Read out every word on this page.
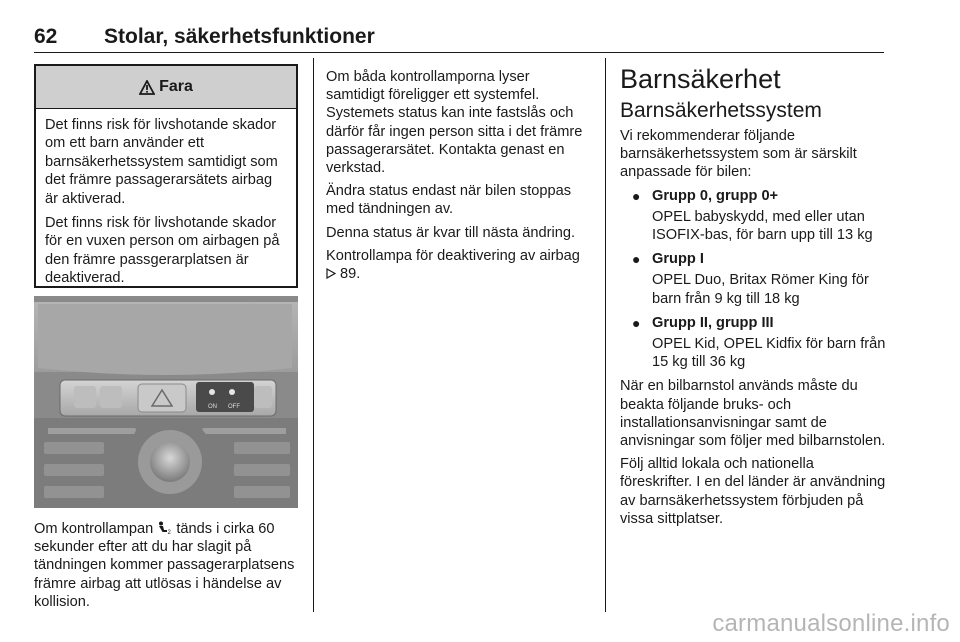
62 Stolar, säkerhetsfunktioner
Fara

Det finns risk för livshotande skador om ett barn använder ett barnsäkerhetssystem samtidigt som det främre passagerarsätets airbag är aktiverad.

Det finns risk för livshotande skador för en vuxen person om airbagen på den främre passgerarplatsen är deaktiverad.

ON OFF

Om kontrollampan 2 tänds i cirka 60 sekunder efter att du har slagit på tändningen kommer passagerarplatsens främre airbag att utlösas i händelse av kollision.

Om båda kontrollamporna lyser samtidigt föreligger ett systemfel. Systemets status kan inte fastslås och därför får ingen person sitta i det främre passagerarsätet. Kontakta genast en verkstad.

Ändra status endast när bilen stoppas med tändningen av.

Denna status är kvar till nästa ändring.

Kontrollampa för deaktivering av airbag  89.

Barnsäkerhet
Barnsäkerhetssystem

Vi rekommenderar följande barnsäkerhetssystem som är särskilt anpassade för bilen:

● Grupp 0, grupp 0+

OPEL babyskydd, med eller utan ISOFIX-bas, för barn upp till 13 kg

● Grupp I

OPEL Duo, Britax Römer King för barn från 9 kg till 18 kg

● Grupp II, grupp III

OPEL Kid, OPEL Kidfix för barn från 15 kg till 36 kg

När en bilbarnstol används måste du beakta följande bruks- och installationsanvisningar samt de anvisningar som följer med bilbarnstolen.

Följ alltid lokala och nationella föreskrifter. I en del länder är användning av barnsäkerhetssystem förbjuden på vissa sittplatser.

carmanualsonline.info
